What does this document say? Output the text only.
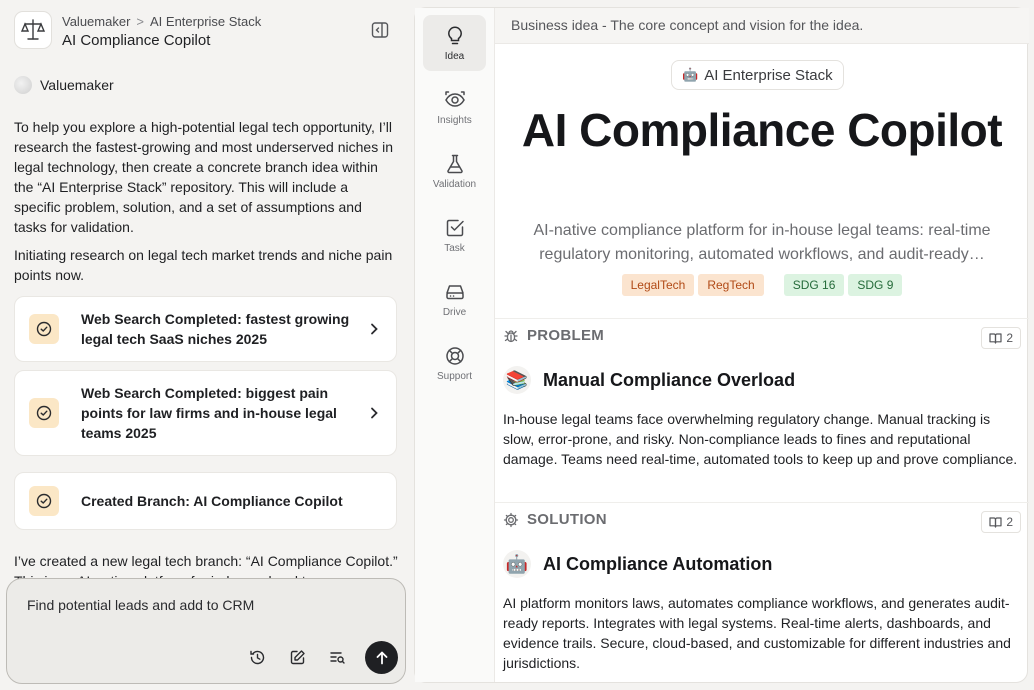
Valuemaker > AI Enterprise Stack
AI Compliance Copilot
Valuemaker
To help you explore a high-potential legal tech opportunity, I’ll research the fastest-growing and most underserved niches in legal technology, then create a concrete branch idea within the “AI Enterprise Stack” repository. This will include a specific problem, solution, and a set of assumptions and tasks for validation.
Initiating research on legal tech market trends and niche pain points now.
Web Search Completed: fastest growing legal tech SaaS niches 2025
Web Search Completed: biggest pain points for law firms and in-house legal teams 2025
Created Branch: AI Compliance Copilot
I’ve created a new legal tech branch: “AI Compliance Copilot.”
Find potential leads and add to CRM
Idea
Insights
Validation
Task
Drive
Support
Business idea - The core concept and vision for the idea.
🤖 AI Enterprise Stack
AI Compliance Copilot
AI-native compliance platform for in-house legal teams: real-time regulatory monitoring, automated workflows, and audit-ready…
LegalTech	RegTech	SDG 16	SDG 9
PROBLEM	2
📚 Manual Compliance Overload
In-house legal teams face overwhelming regulatory change. Manual tracking is slow, error-prone, and risky. Non-compliance leads to fines and reputational damage. Teams need real-time, automated tools to keep up and prove compliance.
SOLUTION	2
🤖 AI Compliance Automation
AI platform monitors laws, automates compliance workflows, and generates audit-ready reports. Integrates with legal systems. Real-time alerts, dashboards, and evidence trails. Secure, cloud-based, and customizable for different industries and jurisdictions.
